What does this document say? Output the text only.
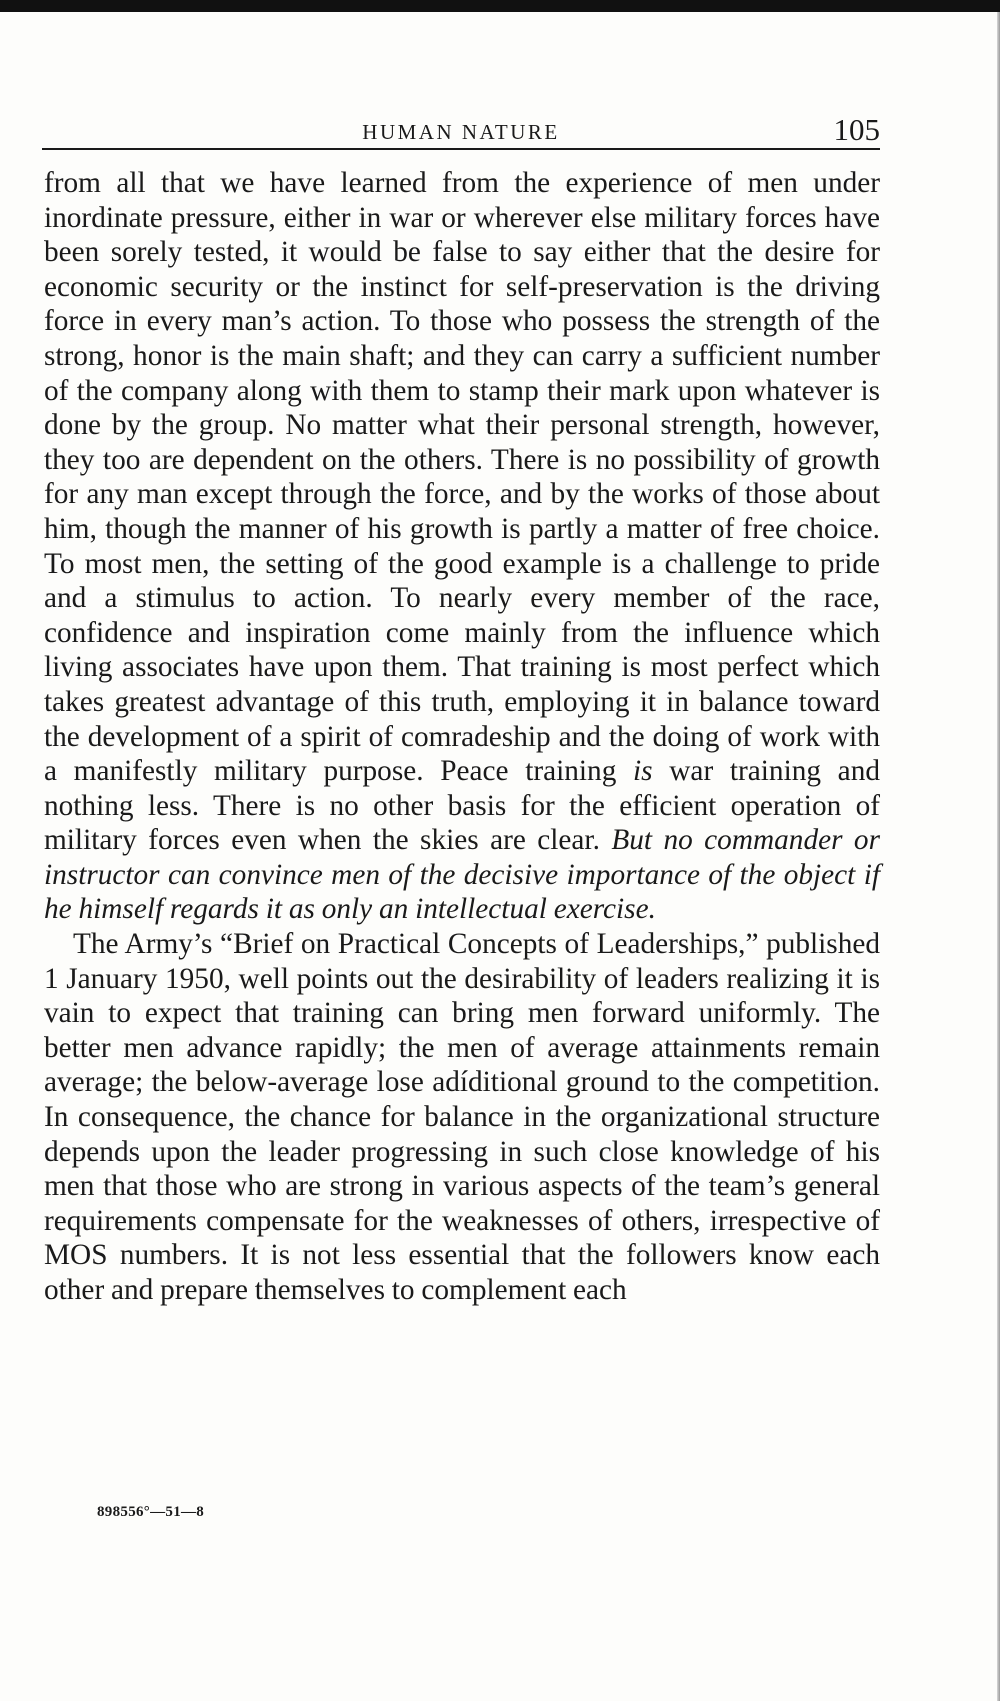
HUMAN NATURE	105

from all that we have learned from the experience of men under inordinate pressure, either in war or wherever else military forces have been sorely tested, it would be false to say either that the desire for economic security or the instinct for self-preservation is the driving force in every man’s action. To those who possess the strength of the strong, honor is the main shaft; and they can carry a sufficient number of the company along with them to stamp their mark upon whatever is done by the group. No matter what their personal strength, however, they too are dependent on the others. There is no possibility of growth for any man except through the force, and by the works of those about him, though the manner of his growth is partly a matter of free choice. To most men, the setting of the good example is a challenge to pride and a stimulus to action. To nearly every member of the race, confidence and inspiration come mainly from the influence which living associates have upon them. That training is most perfect which takes greatest advantage of this truth, employing it in balance toward the development of a spirit of comradeship and the doing of work with a manifestly military purpose. Peace training is war training and nothing less. There is no other basis for the efficient operation of military forces even when the skies are clear. But no commander or instructor can convince men of the decisive importance of the object if he himself regards it as only an intellectual exercise.

The Army’s “Brief on Practical Concepts of Leaderships,” published 1 January 1950, well points out the desirability of leaders realizing it is vain to expect that training can bring men forward uniformly. The better men advance rapidly; the men of average attainments remain average; the below-average lose adíditional ground to the competition. In consequence, the chance for balance in the organizational structure depends upon the leader progressing in such close knowledge of his men that those who are strong in various aspects of the team’s general requirements compensate for the weaknesses of others, irrespective of MOS numbers. It is not less essential that the followers know each other and prepare themselves to complement each

898556°—51—8
